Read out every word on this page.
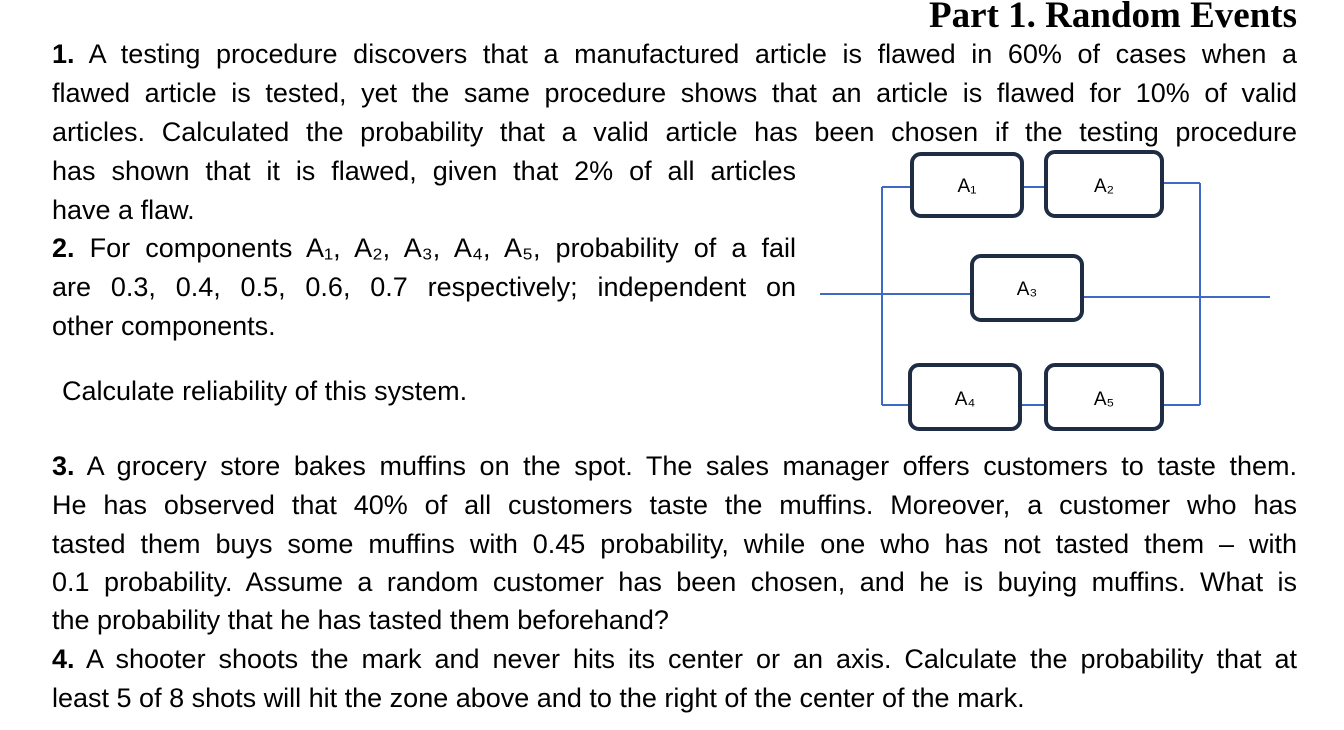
Part 1. Random Events
1. A testing procedure discovers that a manufactured article is flawed in 60% of cases when a
flawed article is tested, yet the same procedure shows that an article is flawed for 10% of valid
articles. Calculated the probability that a valid article has been chosen if the testing procedure
has shown that it is flawed, given that 2% of all articles
have a flaw.
2. For components A₁, A₂, A₃, A₄, A₅, probability of a fail
are 0.3, 0.4, 0.5, 0.6, 0.7 respectively; independent on
other components.
Calculate reliability of this system.
A₁	A₂
A₃
A₄	A₅
3. A grocery store bakes muffins on the spot. The sales manager offers customers to taste them.
He has observed that 40% of all customers taste the muffins. Moreover, a customer who has
tasted them buys some muffins with 0.45 probability, while one who has not tasted them – with
0.1 probability. Assume a random customer has been chosen, and he is buying muffins. What is
the probability that he has tasted them beforehand?
4. A shooter shoots the mark and never hits its center or an axis. Calculate the probability that at
least 5 of 8 shots will hit the zone above and to the right of the center of the mark.
